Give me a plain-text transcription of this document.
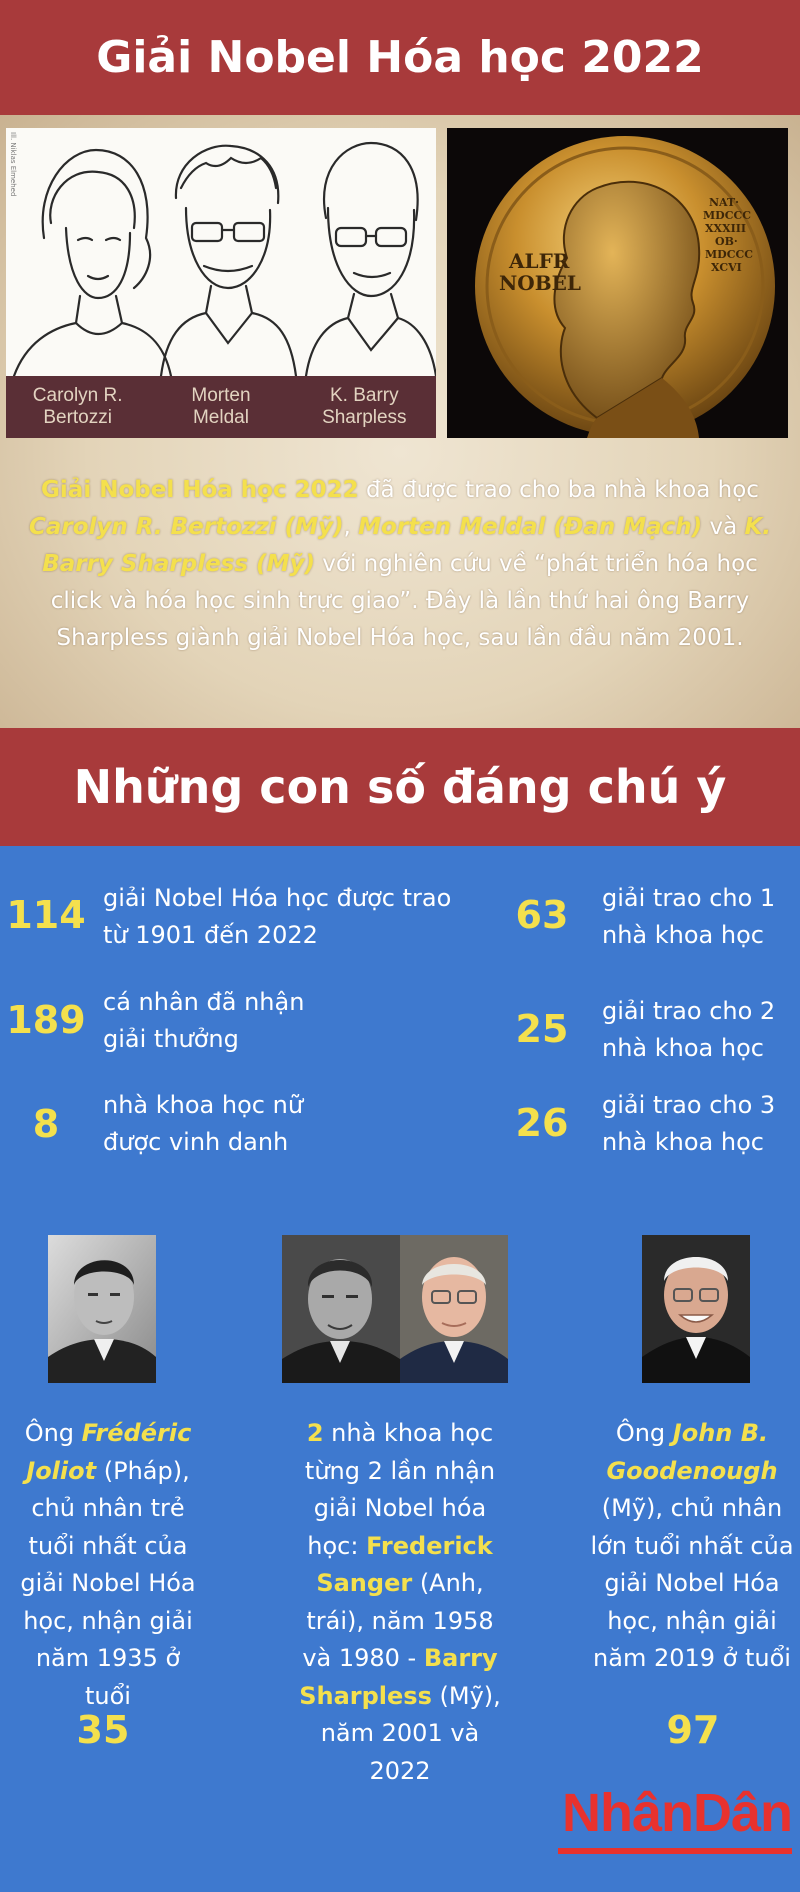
Giải Nobel Hóa học 2022
Ill. Niklas Elmehed
Carolyn R.
Bertozzi
Morten
Meldal
K. Barry
Sharpless
ALFR NOBEL
NAT· MDCCC XXXIII OB· MDCCC XCVI
Giải Nobel Hóa học 2022 đã được trao cho ba nhà khoa học Carolyn R. Bertozzi (Mỹ), Morten Meldal (Đan Mạch) và K. Barry Sharpless (Mỹ) với nghiên cứu về “phát triển hóa học click và hóa học sinh trực giao”. Đây là lần thứ hai ông Barry Sharpless giành giải Nobel Hóa học, sau lần đầu năm 2001.
Những con số đáng chú ý
114 giải Nobel Hóa học được trao từ 1901 đến 2022
189 cá nhân đã nhận giải thưởng
8	nhà khoa học nữ được vinh danh
63	giải trao cho 1 nhà khoa học
25	giải trao cho 2 nhà khoa học
26	giải trao cho 3 nhà khoa học
Ông Frédéric Joliot (Pháp), chủ nhân trẻ tuổi nhất của giải Nobel Hóa học, nhận giải năm 1935 ở tuổi
35
2 nhà khoa học từng 2 lần nhận giải Nobel hóa học: Frederick Sanger (Anh, trái), năm 1958 và 1980 - Barry Sharpless (Mỹ), năm 2001 và 2022
Ông John B. Goodenough (Mỹ), chủ nhân lớn tuổi nhất của giải Nobel Hóa học, nhận giải năm 2019 ở tuổi
97
NhânDân
